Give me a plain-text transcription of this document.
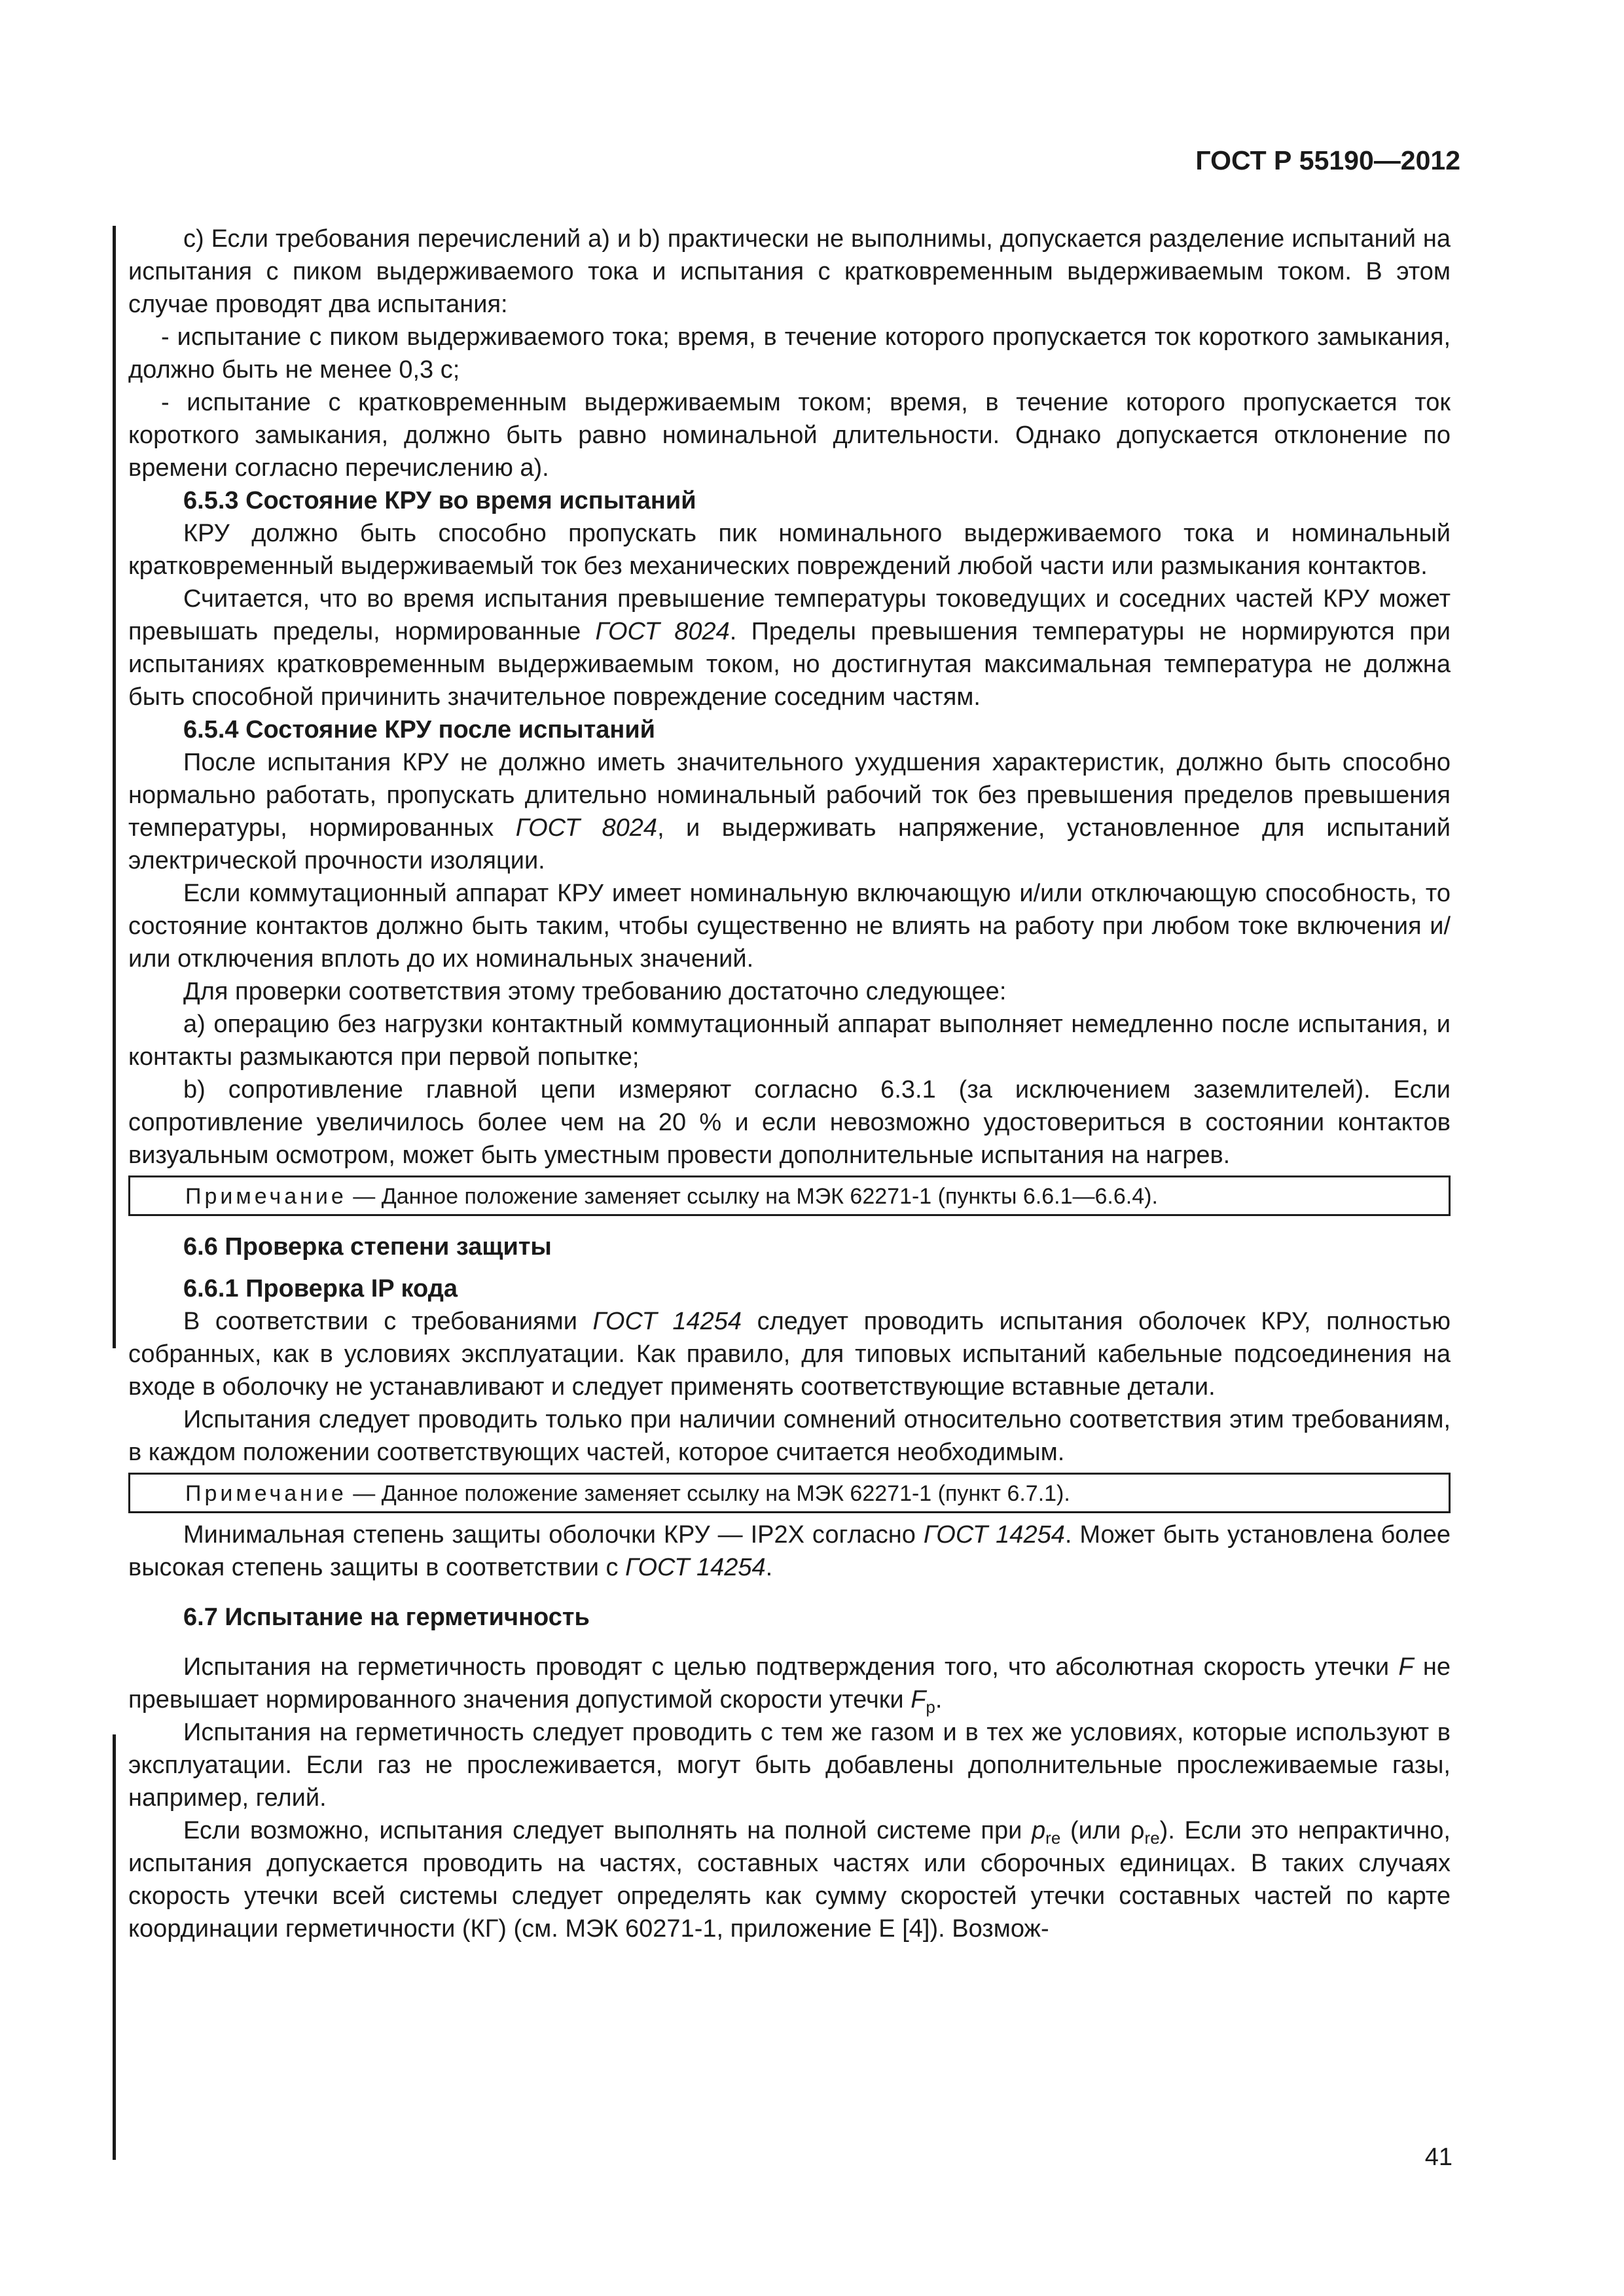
ГОСТ Р 55190—2012

c) Если требования перечислений a) и b) практически не выполнимы, допускается разделение испытаний на испытания с пиком выдерживаемого тока и испытания с кратковременным выдерживаемым током. В этом случае проводят два испытания:

- испытание с пиком выдерживаемого тока; время, в течение которого пропускается ток короткого замыкания, должно быть не менее 0,3 с;

- испытание с кратковременным выдерживаемым током; время, в течение которого пропускается ток короткого замыкания, должно быть равно номинальной длительности. Однако допускается отклонение по времени согласно перечислению a).

6.5.3 Состояние КРУ во время испытаний

КРУ должно быть способно пропускать пик номинального выдерживаемого тока и номинальный кратковременный выдерживаемый ток без механических повреждений любой части или размыкания контактов.

Считается, что во время испытания превышение температуры токоведущих и соседних частей КРУ может превышать пределы, нормированные ГОСТ 8024. Пределы превышения температуры не нормируются при испытаниях кратковременным выдерживаемым током, но достигнутая максимальная температура не должна быть способной причинить значительное повреждение соседним частям.

6.5.4 Состояние КРУ после испытаний

После испытания КРУ не должно иметь значительного ухудшения характеристик, должно быть способно нормально работать, пропускать длительно номинальный рабочий ток без превышения пределов превышения температуры, нормированных ГОСТ 8024, и выдерживать напряжение, установленное для испытаний электрической прочности изоляции.

Если коммутационный аппарат КРУ имеет номинальную включающую и/или отключающую способность, то состояние контактов должно быть таким, чтобы существенно не влиять на работу при любом токе включения и/или отключения вплоть до их номинальных значений.

Для проверки соответствия этому требованию достаточно следующее:

a) операцию без нагрузки контактный коммутационный аппарат выполняет немедленно после испытания, и контакты размыкаются при первой попытке;

b) сопротивление главной цепи измеряют согласно 6.3.1 (за исключением заземлителей). Если сопротивление увеличилось более чем на 20 % и если невозможно удостовериться в состоянии контактов визуальным осмотром, может быть уместным провести дополнительные испытания на нагрев.

Примечание — Данное положение заменяет ссылку на МЭК 62271-1 (пункты 6.6.1—6.6.4).
6.6 Проверка степени защиты
6.6.1 Проверка IP кода

В соответствии с требованиями ГОСТ 14254 следует проводить испытания оболочек КРУ, полностью собранных, как в условиях эксплуатации. Как правило, для типовых испытаний кабельные подсоединения на входе в оболочку не устанавливают и следует применять соответствующие вставные детали.

Испытания следует проводить только при наличии сомнений относительно соответствия этим требованиям, в каждом положении соответствующих частей, которое считается необходимым.

Примечание — Данное положение заменяет ссылку на МЭК 62271-1 (пункт 6.7.1).

Минимальная степень защиты оболочки КРУ — IP2X согласно ГОСТ 14254. Может быть установлена более высокая степень защиты в соответствии с ГОСТ 14254.

6.7 Испытание на герметичность

Испытания на герметичность проводят с целью подтверждения того, что абсолютная скорость утечки F не превышает нормированного значения допустимой скорости утечки $F_p$.

Испытания на герметичность следует проводить с тем же газом и в тех же условиях, которые используют в эксплуатации. Если газ не прослеживается, могут быть добавлены дополнительные прослеживаемые газы, например, гелий.

Если возможно, испытания следует выполнять на полной системе при $p_{re}$ (или $\rho_{re}$). Если это непрактично, испытания допускается проводить на частях, составных частях или сборочных единицах. В таких случаях скорость утечки всей системы следует определять как сумму скоростей утечки составных частей по карте координации герметичности (КГ) (см. МЭК 60271-1, приложение Е [4]). Возмож-

41
